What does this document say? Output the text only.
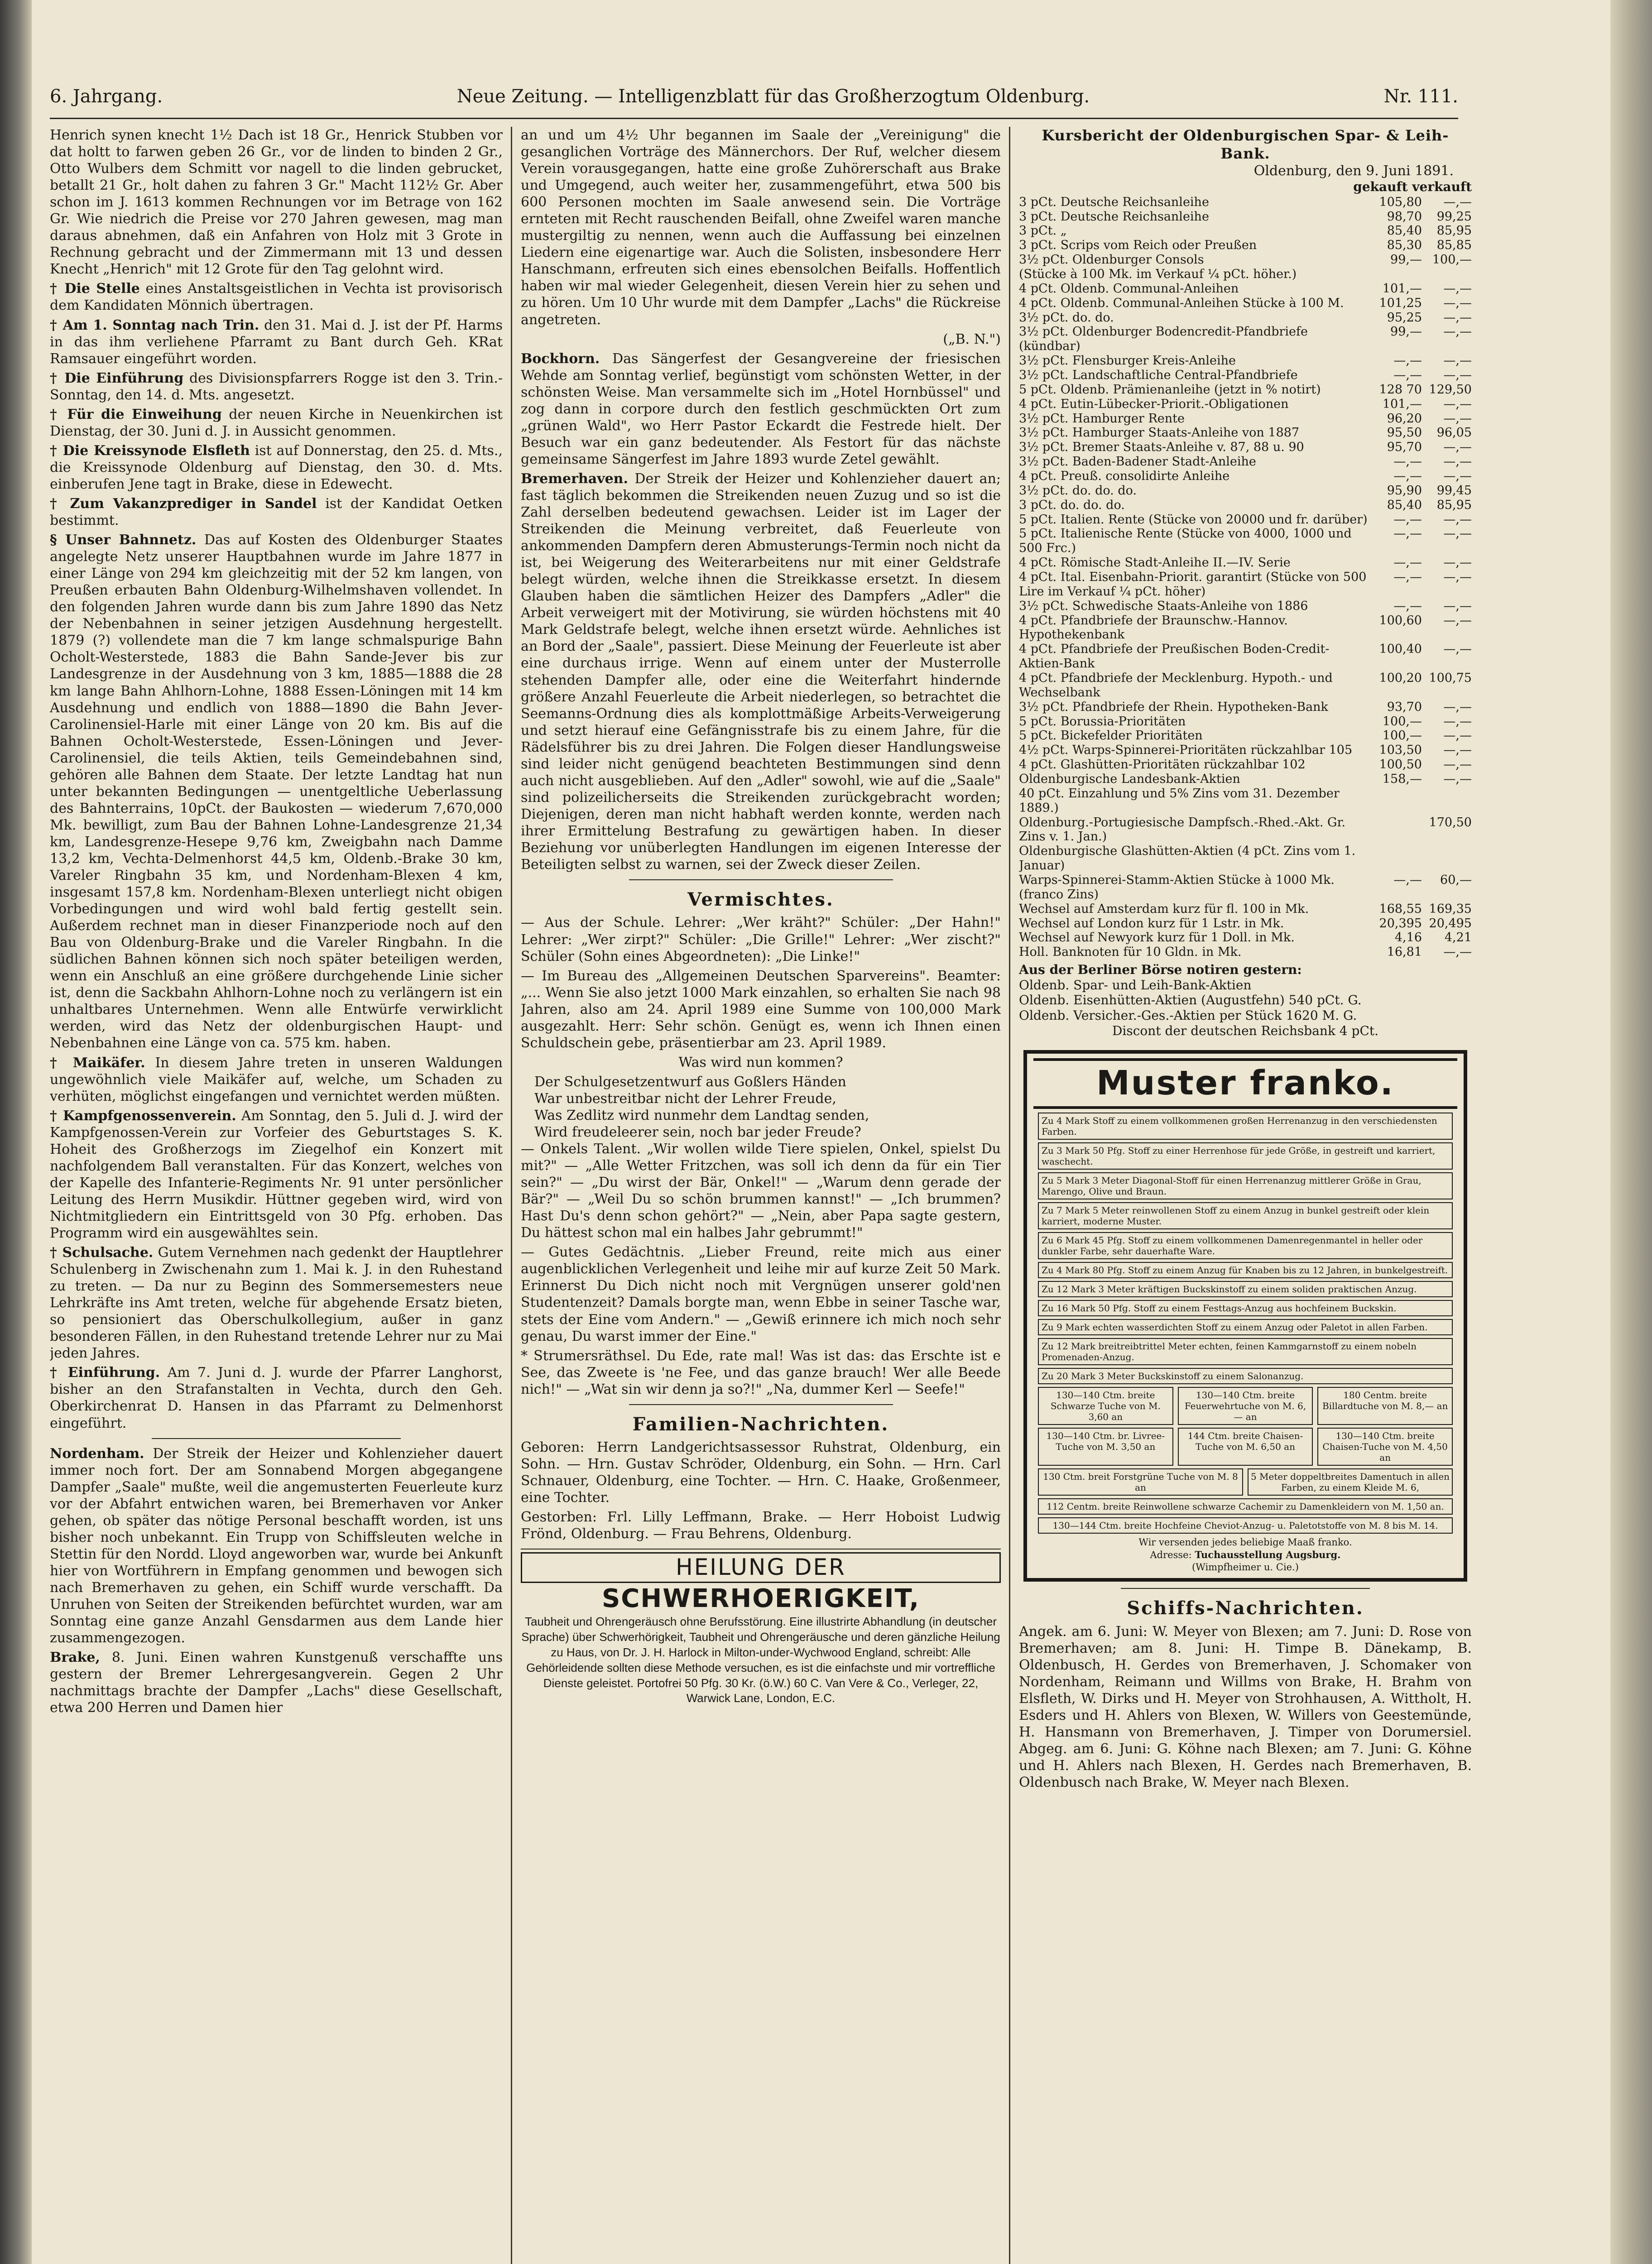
6. Jahrgang.	Neue Zeitung. — Intelligenzblatt für das Großherzogtum Oldenburg.	Nr. 111.

Henrich synen knecht 1½ Dach ist 18 Gr., Henrick Stubben vor dat holtt to farwen geben 26 Gr., vor de linden to binden 2 Gr., Otto Wulbers dem Schmitt vor nagell to die linden gebrucket, betallt 21 Gr., holt dahen zu fahren 3 Gr." Macht 112½ Gr. Aber schon im J. 1613 kommen Rechnungen vor im Betrage von 162 Gr. Wie niedrich die Preise vor 270 Jahren gewesen, mag man daraus abnehmen, daß ein Anfahren von Holz mit 3 Grote in Rechnung gebracht und der Zimmermann mit 13 und dessen Knecht „Henrich" mit 12 Grote für den Tag gelohnt wird.

† Die Stelle eines Anstaltsgeistlichen in Vechta ist provisorisch dem Kandidaten Mönnich übertragen.

† Am 1. Sonntag nach Trin. den 31. Mai d. J. ist der Pf. Harms in das ihm verliehene Pfarramt zu Bant durch Geh. KRat Ramsauer eingeführt worden.

† Die Einführung des Divisionspfarrers Rogge ist den 3. Trin.-Sonntag, den 14. d. Mts. angesetzt.

† Für die Einweihung der neuen Kirche in Neuenkirchen ist Dienstag, der 30. Juni d. J. in Aussicht genommen.

† Die Kreissynode Elsfleth ist auf Donnerstag, den 25. d. Mts., die Kreissynode Oldenburg auf Dienstag, den 30. d. Mts. einberufen Jene tagt in Brake, diese in Edewecht.

† Zum Vakanzprediger in Sandel ist der Kandidat Oetken bestimmt.

§ Unser Bahnnetz. Das auf Kosten des Oldenburger Staates angelegte Netz unserer Hauptbahnen wurde im Jahre 1877 in einer Länge von 294 km gleichzeitig mit der 52 km langen, von Preußen erbauten Bahn Oldenburg-Wilhelmshaven vollendet. In den folgenden Jahren wurde dann bis zum Jahre 1890 das Netz der Nebenbahnen in seiner jetzigen Ausdehnung hergestellt. 1879 (?) vollendete man die 7 km lange schmalspurige Bahn Ocholt-Westerstede, 1883 die Bahn Sande-Jever bis zur Landesgrenze in der Ausdehnung von 3 km, 1885—1888 die 28 km lange Bahn Ahlhorn-Lohne, 1888 Essen-Löningen mit 14 km Ausdehnung und endlich von 1888—1890 die Bahn Jever-Carolinensiel-Harle mit einer Länge von 20 km. Bis auf die Bahnen Ocholt-Westerstede, Essen-Löningen und Jever-Carolinensiel, die teils Aktien, teils Gemeindebahnen sind, gehören alle Bahnen dem Staate. Der letzte Landtag hat nun unter bekannten Bedingungen — unentgeltliche Ueberlassung des Bahnterrains, 10pCt. der Baukosten — wiederum 7,670,000 Mk. bewilligt, zum Bau der Bahnen Lohne-Landesgrenze 21,34 km, Landesgrenze-Hesepe 9,76 km, Zweigbahn nach Damme 13,2 km, Vechta-Delmenhorst 44,5 km, Oldenb.-Brake 30 km, Vareler Ringbahn 35 km, und Nordenham-Blexen 4 km, insgesamt 157,8 km. Nordenham-Blexen unterliegt nicht obigen Vorbedingungen und wird wohl bald fertig gestellt sein. Außerdem rechnet man in dieser Finanzperiode noch auf den Bau von Oldenburg-Brake und die Vareler Ringbahn. In die südlichen Bahnen können sich noch später beteiligen werden, wenn ein Anschluß an eine größere durchgehende Linie sicher ist, denn die Sackbahn Ahlhorn-Lohne noch zu verlängern ist ein unhaltbares Unternehmen. Wenn alle Entwürfe verwirklicht werden, wird das Netz der oldenburgischen Haupt- und Nebenbahnen eine Länge von ca. 575 km. haben.

† Maikäfer. In diesem Jahre treten in unseren Waldungen ungewöhnlich viele Maikäfer auf, welche, um Schaden zu verhüten, möglichst eingefangen und vernichtet werden müßten.

† Kampfgenossenverein. Am Sonntag, den 5. Juli d. J. wird der Kampfgenossen-Verein zur Vorfeier des Geburtstages S. K. Hoheit des Großherzogs im Ziegelhof ein Konzert mit nachfolgendem Ball veranstalten. Für das Konzert, welches von der Kapelle des Infanterie-Regiments Nr. 91 unter persönlicher Leitung des Herrn Musikdir. Hüttner gegeben wird, wird von Nichtmitgliedern ein Eintrittsgeld von 30 Pfg. erhoben. Das Programm wird ein ausgewähltes sein.

† Schulsache. Gutem Vernehmen nach gedenkt der Hauptlehrer Schulenberg in Zwischenahn zum 1. Mai k. J. in den Ruhestand zu treten. — Da nur zu Beginn des Sommersemesters neue Lehrkräfte ins Amt treten, welche für abgehende Ersatz bieten, so pensioniert das Oberschulkollegium, außer in ganz besonderen Fällen, in den Ruhestand tretende Lehrer nur zu Mai jeden Jahres.

† Einführung. Am 7. Juni d. J. wurde der Pfarrer Langhorst, bisher an den Strafanstalten in Vechta, durch den Geh. Oberkirchenrat D. Hansen in das Pfarramt zu Delmenhorst eingeführt.

Nordenham. Der Streik der Heizer und Kohlenzieher dauert immer noch fort. Der am Sonnabend Morgen abgegangene Dampfer „Saale" mußte, weil die angemusterten Feuerleute kurz vor der Abfahrt entwichen waren, bei Bremerhaven vor Anker gehen, ob später das nötige Personal beschafft worden, ist uns bisher noch unbekannt. Ein Trupp von Schiffsleuten welche in Stettin für den Nordd. Lloyd angeworben war, wurde bei Ankunft hier von Wortführern in Empfang genommen und bewogen sich nach Bremerhaven zu gehen, ein Schiff wurde verschafft. Da Unruhen von Seiten der Streikenden befürchtet wurden, war am Sonntag eine ganze Anzahl Gensdarmen aus dem Lande hier zusammengezogen.

Brake, 8. Juni. Einen wahren Kunstgenuß verschaffte uns gestern der Bremer Lehrergesangverein. Gegen 2 Uhr nachmittags brachte der Dampfer „Lachs" diese Gesellschaft, etwa 200 Herren und Damen hier

an und um 4½ Uhr begannen im Saale der „Vereinigung" die gesanglichen Vorträge des Männerchors. Der Ruf, welcher diesem Verein vorausgegangen, hatte eine große Zuhörerschaft aus Brake und Umgegend, auch weiter her, zusammengeführt, etwa 500 bis 600 Personen mochten im Saale anwesend sein. Die Vorträge ernteten mit Recht rauschenden Beifall, ohne Zweifel waren manche mustergiltig zu nennen, wenn auch die Auffassung bei einzelnen Liedern eine eigenartige war. Auch die Solisten, insbesondere Herr Hanschmann, erfreuten sich eines ebensolchen Beifalls. Hoffentlich haben wir mal wieder Gelegenheit, diesen Verein hier zu sehen und zu hören. Um 10 Uhr wurde mit dem Dampfer „Lachs" die Rückreise angetreten.

(„B. N.")

Bockhorn. Das Sängerfest der Gesangvereine der friesischen Wehde am Sonntag verlief, begünstigt vom schönsten Wetter, in der schönsten Weise. Man versammelte sich im „Hotel Hornbüssel" und zog dann in corpore durch den festlich geschmückten Ort zum „grünen Wald", wo Herr Pastor Eckardt die Festrede hielt. Der Besuch war ein ganz bedeutender. Als Festort für das nächste gemeinsame Sängerfest im Jahre 1893 wurde Zetel gewählt.

Bremerhaven. Der Streik der Heizer und Kohlenzieher dauert an; fast täglich bekommen die Streikenden neuen Zuzug und so ist die Zahl derselben bedeutend gewachsen. Leider ist im Lager der Streikenden die Meinung verbreitet, daß Feuerleute von ankommenden Dampfern deren Abmusterungs-Termin noch nicht da ist, bei Weigerung des Weiterarbeitens nur mit einer Geldstrafe belegt würden, welche ihnen die Streikkasse ersetzt. In diesem Glauben haben die sämtlichen Heizer des Dampfers „Adler" die Arbeit verweigert mit der Motivirung, sie würden höchstens mit 40 Mark Geldstrafe belegt, welche ihnen ersetzt würde. Aehnliches ist an Bord der „Saale", passiert. Diese Meinung der Feuerleute ist aber eine durchaus irrige. Wenn auf einem unter der Musterrolle stehenden Dampfer alle, oder eine die Weiterfahrt hindernde größere Anzahl Feuerleute die Arbeit niederlegen, so betrachtet die Seemanns-Ordnung dies als komplottmäßige Arbeits-Verweigerung und setzt hierauf eine Gefängnisstrafe bis zu einem Jahre, für die Rädelsführer bis zu drei Jahren. Die Folgen dieser Handlungsweise sind leider nicht genügend beachteten Bestimmungen sind denn auch nicht ausgeblieben. Auf den „Adler" sowohl, wie auf die „Saale" sind polizeilicherseits die Streikenden zurückgebracht worden; Diejenigen, deren man nicht habhaft werden konnte, werden nach ihrer Ermittelung Bestrafung zu gewärtigen haben. In dieser Beziehung vor unüberlegten Handlungen im eigenen Interesse der Beteiligten selbst zu warnen, sei der Zweck dieser Zeilen.

Vermischtes.

— Aus der Schule. Lehrer: „Wer kräht?" Schüler: „Der Hahn!" Lehrer: „Wer zirpt?" Schüler: „Die Grille!" Lehrer: „Wer zischt?" Schüler (Sohn eines Abgeordneten): „Die Linke!"

— Im Bureau des „Allgemeinen Deutschen Sparvereins". Beamter: „... Wenn Sie also jetzt 1000 Mark einzahlen, so erhalten Sie nach 98 Jahren, also am 24. April 1989 eine Summe von 100,000 Mark ausgezahlt. Herr: Sehr schön. Genügt es, wenn ich Ihnen einen Schuldschein gebe, präsentierbar am 23. April 1989.

Was wird nun kommen?

Der Schulgesetzentwurf aus Goßlers Händen
War unbestreitbar nicht der Lehrer Freude,
Was Zedlitz wird nunmehr dem Landtag senden,
Wird freudeleerer sein, noch bar jeder Freude?

— Onkels Talent. „Wir wollen wilde Tiere spielen, Onkel, spielst Du mit?" — „Alle Wetter Fritzchen, was soll ich denn da für ein Tier sein?" — „Du wirst der Bär, Onkel!" — „Warum denn gerade der Bär?" — „Weil Du so schön brummen kannst!" — „Ich brummen? Hast Du's denn schon gehört?" — „Nein, aber Papa sagte gestern, Du hättest schon mal ein halbes Jahr gebrummt!"

— Gutes Gedächtnis. „Lieber Freund, reite mich aus einer augenblicklichen Verlegenheit und leihe mir auf kurze Zeit 50 Mark. Erinnerst Du Dich nicht noch mit Vergnügen unserer gold'nen Studentenzeit? Damals borgte man, wenn Ebbe in seiner Tasche war, stets der Eine vom Andern." — „Gewiß erinnere ich mich noch sehr genau, Du warst immer der Eine."

* Strumersräthsel. Du Ede, rate mal! Was ist das: das Erschte ist e See, das Zweete is 'ne Fee, und das ganze brauch! Wer alle Beede nich!" — „Wat sin wir denn ja so?!" „Na, dummer Kerl — Seefe!"

Familien-Nachrichten.

Geboren: Herrn Landgerichtsassessor Ruhstrat, Oldenburg, ein Sohn. — Hrn. Gustav Schröder, Oldenburg, ein Sohn. — Hrn. Carl Schnauer, Oldenburg, eine Tochter. — Hrn. C. Haake, Großenmeer, eine Tochter.

Gestorben: Frl. Lilly Leffmann, Brake. — Herr Hoboist Ludwig Frönd, Oldenburg. — Frau Behrens, Oldenburg.

HEILUNG DER
SCHWERHOERIGKEIT,
Taubheit und Ohrengeräusch ohne Berufsstörung. Eine illustrirte Abhandlung (in deutscher Sprache) über Schwerhörigkeit, Taubheit und Ohrengeräusche und deren gänzliche Heilung zu Haus, von Dr. J. H. Harlock in Milton-under-Wychwood England, schreibt: Alle Gehörleidende sollten diese Methode versuchen, es ist die einfachste und mir vortreffliche Dienste geleistet. Portofrei 50 Pfg. 30 Kr. (ö.W.) 60 C. Van Vere & Co., Verleger, 22, Warwick Lane, London, E.C.
Kursbericht der Oldenburgischen Spar- & Leih-Bank.
Oldenburg, den 9. Juni 1891.
gekauft verkauft
3 pCt. Deutsche Reichsanleihe	105,80	—,—
3 pCt. Deutsche Reichsanleihe	98,70	99,25
3 pCt. „	85,40	85,95
3 pCt. Scrips vom Reich oder Preußen	85,30	85,85
3½ pCt. Oldenburger Consols	99,—	100,—
(Stücke à 100 Mk. im Verkauf ¼ pCt. höher.)		
4 pCt. Oldenb. Communal-Anleihen	101,—	—,—
4 pCt. Oldenb. Communal-Anleihen Stücke à 100 M.	101,25	—,—
3½ pCt. do. do.	95,25	—,—
3½ pCt. Oldenburger Bodencredit-Pfandbriefe (kündbar)	99,—	—,—
3½ pCt. Flensburger Kreis-Anleihe	—,—	—,—
3½ pCt. Landschaftliche Central-Pfandbriefe	—,—	—,—
5 pCt. Oldenb. Prämienanleihe (jetzt in % notirt)	128 70	129,50
4 pCt. Eutin-Lübecker-Priorit.-Obligationen	101,—	—,—
3½ pCt. Hamburger Rente	96,20	—,—
3½ pCt. Hamburger Staats-Anleihe von 1887	95,50	96,05
3½ pCt. Bremer Staats-Anleihe v. 87, 88 u. 90	95,70	—,—
3½ pCt. Baden-Badener Stadt-Anleihe	—,—	—,—
4 pCt. Preuß. consolidirte Anleihe	—,—	—,—
3½ pCt. do. do. do.	95,90	99,45
3 pCt. do. do. do.	85,40	85,95
5 pCt. Italien. Rente (Stücke von 20000 und fr. darüber)	—,—	—,—
5 pCt. Italienische Rente (Stücke von 4000, 1000 und 500 Frc.)	—,—	—,—
4 pCt. Römische Stadt-Anleihe II.—IV. Serie	—,—	—,—
4 pCt. Ital. Eisenbahn-Priorit. garantirt (Stücke von 500 Lire im Verkauf ¼ pCt. höher)	—,—	—,—
3½ pCt. Schwedische Staats-Anleihe von 1886	—,—	—,—
4 pCt. Pfandbriefe der Braunschw.-Hannov. Hypothekenbank	100,60	—,—
4 pCt. Pfandbriefe der Preußischen Boden-Credit-Aktien-Bank	100,40	—,—
4 pCt. Pfandbriefe der Mecklenburg. Hypoth.- und Wechselbank	100,20	100,75
3½ pCt. Pfandbriefe der Rhein. Hypotheken-Bank	93,70	—,—
5 pCt. Borussia-Prioritäten	100,—	—,—
5 pCt. Bickefelder Prioritäten	100,—	—,—
4½ pCt. Warps-Spinnerei-Prioritäten rückzahlbar 105	103,50	—,—
4 pCt. Glashütten-Prioritäten rückzahlbar 102	100,50	—,—
Oldenburgische Landesbank-Aktien	158,—	—,—
40 pCt. Einzahlung und 5% Zins vom 31. Dezember 1889.)		
Oldenburg.-Portugiesische Dampfsch.-Rhed.-Akt. Gr. Zins v. 1. Jan.)		170,50
Oldenburgische Glashütten-Aktien (4 pCt. Zins vom 1. Januar)		
Warps-Spinnerei-Stamm-Aktien Stücke à 1000 Mk. (franco Zins)	—,—	60,—
Wechsel auf Amsterdam kurz für fl. 100 in Mk.	168,55	169,35
Wechsel auf London kurz für 1 Lstr. in Mk.	20,395	20,495
Wechsel auf Newyork kurz für 1 Doll. in Mk.	4,16	4,21
Holl. Banknoten für 10 Gldn. in Mk.	16,81	—,—
Aus der Berliner Börse notiren gestern:
Oldenb. Spar- und Leih-Bank-Aktien
Oldenb. Eisenhütten-Aktien (Augustfehn) 540 pCt. G.
Oldenb. Versicher.-Ges.-Aktien per Stück 1620 M. G.
Discont der deutschen Reichsbank 4 pCt.
Muster franko.
Zu 4 Mark Stoff zu einem vollkommenen großen Herrenanzug in den verschiedensten Farben.
Zu 3 Mark 50 Pfg. Stoff zu einer Herrenhose für jede Größe, in gestreift und karriert, waschecht.
Zu 5 Mark 3 Meter Diagonal-Stoff für einen Herrenanzug mittlerer Größe in Grau, Marengo, Olive und Braun.
Zu 7 Mark 5 Meter reinwollenen Stoff zu einem Anzug in bunkel gestreift oder klein karriert, moderne Muster.
Zu 6 Mark 45 Pfg. Stoff zu einem vollkommenen Damenregenmantel in heller oder dunkler Farbe, sehr dauerhafte Ware.
Zu 4 Mark 80 Pfg. Stoff zu einem Anzug für Knaben bis zu 12 Jahren, in bunkelgestreift.
Zu 12 Mark 3 Meter kräftigen Buckskinstoff zu einem soliden praktischen Anzug.
Zu 16 Mark 50 Pfg. Stoff zu einem Festtags-Anzug aus hochfeinem Buckskin.
Zu 9 Mark echten wasserdichten Stoff zu einem Anzug oder Paletot in allen Farben.
Zu 12 Mark breitreibtrittel Meter echten, feinen Kammgarnstoff zu einem nobeln Promenaden-Anzug.
Zu 20 Mark 3 Meter Buckskinstoff zu einem Salonanzug.
130—140 Ctm. breite Schwarze Tuche von M. 3,60 an
130—140 Ctm. breite Feuerwehrtuche von M. 6,— an
180 Centm. breite Billardtuche von M. 8,— an
130—140 Ctm. br. Livree-Tuche von M. 3,50 an
144 Ctm. breite Chaisen-Tuche von M. 6,50 an
130—140 Ctm. breite Chaisen-Tuche von M. 4,50 an
130 Ctm. breit Forstgrüne Tuche von M. 8 an
5 Meter doppeltbreites Damentuch in allen Farben, zu einem Kleide M. 6,
112 Centm. breite Reinwollene schwarze Cachemir zu Damenkleidern von M. 1,50 an.
130—144 Ctm. breite Hochfeine Cheviot-Anzug- u. Paletotstoffe von M. 8 bis M. 14.
Wir versenden jedes beliebige Maaß franko.
Adresse: Tuchausstellung Augsburg.
(Wimpfheimer u. Cie.)
Schiffs-Nachrichten.

Angek. am 6. Juni: W. Meyer von Blexen; am 7. Juni: D. Rose von Bremerhaven; am 8. Juni: H. Timpe B. Dänekamp, B. Oldenbusch, H. Gerdes von Bremerhaven, J. Schomaker von Nordenham, Reimann und Willms von Brake, H. Brahm von Elsfleth, W. Dirks und H. Meyer von Strohhausen, A. Wittholt, H. Esders und H. Ahlers von Blexen, W. Willers von Geestemünde, H. Hansmann von Bremerhaven, J. Timper von Dorumersiel. Abgeg. am 6. Juni: G. Köhne nach Blexen; am 7. Juni: G. Köhne und H. Ahlers nach Blexen, H. Gerdes nach Bremerhaven, B. Oldenbusch nach Brake, W. Meyer nach Blexen.
